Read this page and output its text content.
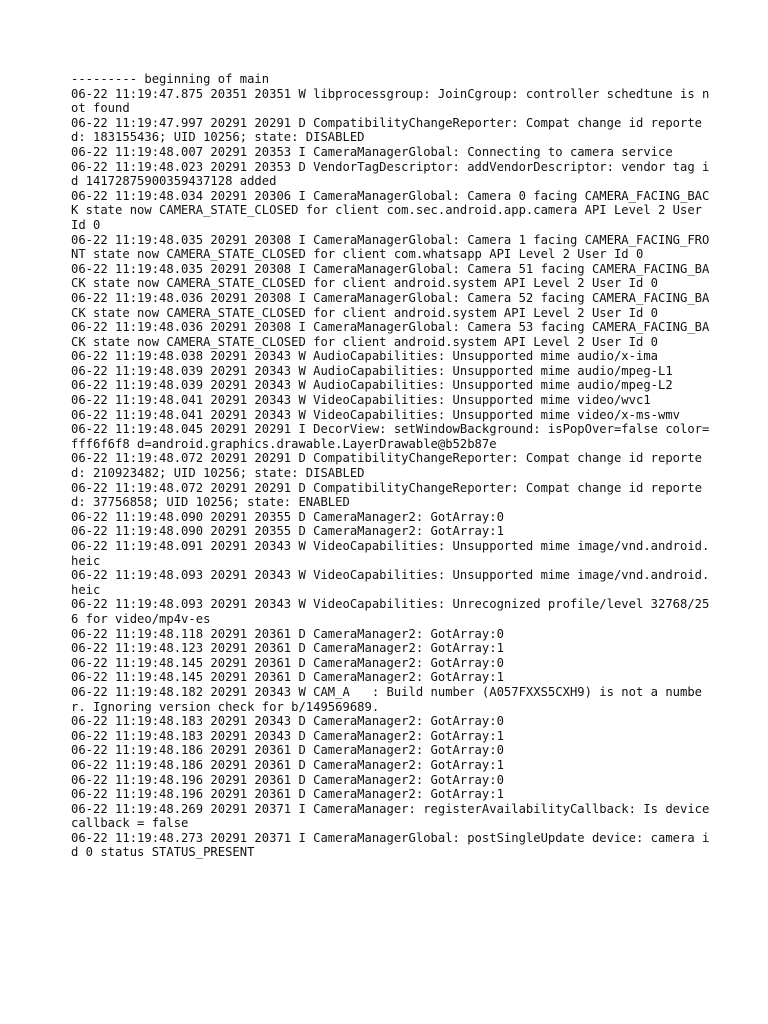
--------- beginning of main

06-22 11:19:47.875 20351 20351 W libprocessgroup: JoinCgroup: controller schedtune is not found

06-22 11:19:47.997 20291 20291 D CompatibilityChangeReporter: Compat change id reported: 183155436; UID 10256; state: DISABLED

06-22 11:19:48.007 20291 20353 I CameraManagerGlobal: Connecting to camera service

06-22 11:19:48.023 20291 20353 D VendorTagDescriptor: addVendorDescriptor: vendor tag id 14172875900359437128 added

06-22 11:19:48.034 20291 20306 I CameraManagerGlobal: Camera 0 facing CAMERA_FACING_BACK state now CAMERA_STATE_CLOSED for client com.sec.android.app.camera API Level 2 User Id 0

06-22 11:19:48.035 20291 20308 I CameraManagerGlobal: Camera 1 facing CAMERA_FACING_FRONT state now CAMERA_STATE_CLOSED for client com.whatsapp API Level 2 User Id 0

06-22 11:19:48.035 20291 20308 I CameraManagerGlobal: Camera 51 facing CAMERA_FACING_BACK state now CAMERA_STATE_CLOSED for client android.system API Level 2 User Id 0

06-22 11:19:48.036 20291 20308 I CameraManagerGlobal: Camera 52 facing CAMERA_FACING_BACK state now CAMERA_STATE_CLOSED for client android.system API Level 2 User Id 0

06-22 11:19:48.036 20291 20308 I CameraManagerGlobal: Camera 53 facing CAMERA_FACING_BACK state now CAMERA_STATE_CLOSED for client android.system API Level 2 User Id 0

06-22 11:19:48.038 20291 20343 W AudioCapabilities: Unsupported mime audio/x-ima

06-22 11:19:48.039 20291 20343 W AudioCapabilities: Unsupported mime audio/mpeg-L1

06-22 11:19:48.039 20291 20343 W AudioCapabilities: Unsupported mime audio/mpeg-L2

06-22 11:19:48.041 20291 20343 W VideoCapabilities: Unsupported mime video/wvc1

06-22 11:19:48.041 20291 20343 W VideoCapabilities: Unsupported mime video/x-ms-wmv

06-22 11:19:48.045 20291 20291 I DecorView: setWindowBackground: isPopOver=false color=fff6f6f8 d=android.graphics.drawable.LayerDrawable@b52b87e

06-22 11:19:48.072 20291 20291 D CompatibilityChangeReporter: Compat change id reported: 210923482; UID 10256; state: DISABLED

06-22 11:19:48.072 20291 20291 D CompatibilityChangeReporter: Compat change id reported: 37756858; UID 10256; state: ENABLED

06-22 11:19:48.090 20291 20355 D CameraManager2: GotArray:0

06-22 11:19:48.090 20291 20355 D CameraManager2: GotArray:1

06-22 11:19:48.091 20291 20343 W VideoCapabilities: Unsupported mime image/vnd.android.heic

06-22 11:19:48.093 20291 20343 W VideoCapabilities: Unsupported mime image/vnd.android.heic

06-22 11:19:48.093 20291 20343 W VideoCapabilities: Unrecognized profile/level 32768/256 for video/mp4v-es

06-22 11:19:48.118 20291 20361 D CameraManager2: GotArray:0

06-22 11:19:48.123 20291 20361 D CameraManager2: GotArray:1

06-22 11:19:48.145 20291 20361 D CameraManager2: GotArray:0

06-22 11:19:48.145 20291 20361 D CameraManager2: GotArray:1

06-22 11:19:48.182 20291 20343 W CAM_A   : Build number (A057FXXS5CXH9) is not a number. Ignoring version check for b/149569689.

06-22 11:19:48.183 20291 20343 D CameraManager2: GotArray:0

06-22 11:19:48.183 20291 20343 D CameraManager2: GotArray:1

06-22 11:19:48.186 20291 20361 D CameraManager2: GotArray:0

06-22 11:19:48.186 20291 20361 D CameraManager2: GotArray:1

06-22 11:19:48.196 20291 20361 D CameraManager2: GotArray:0

06-22 11:19:48.196 20291 20361 D CameraManager2: GotArray:1

06-22 11:19:48.269 20291 20371 I CameraManager: registerAvailabilityCallback: Is device callback = false

06-22 11:19:48.273 20291 20371 I CameraManagerGlobal: postSingleUpdate device: camera id 0 status STATUS_PRESENT
